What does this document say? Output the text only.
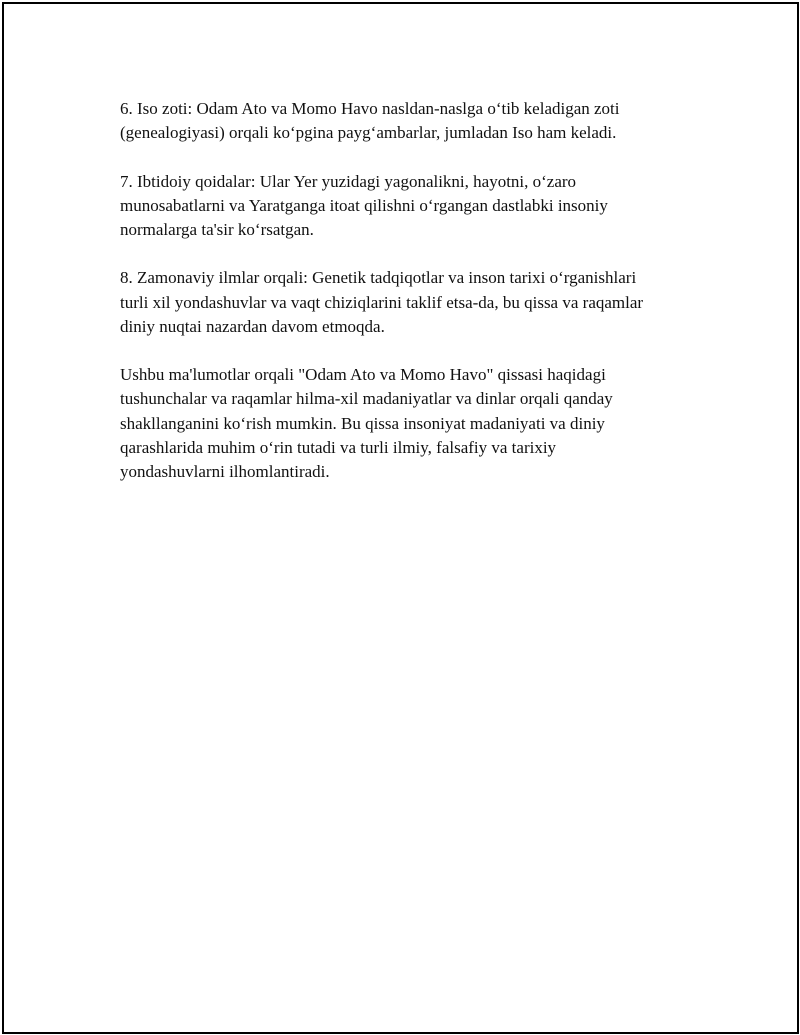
6. Iso zoti: Odam Ato va Momo Havo nasldan-naslga o‘tib keladigan zoti
(genealogiyasi) orqali ko‘pgina payg‘ambarlar, jumladan Iso ham keladi.

7. Ibtidoiy qoidalar: Ular Yer yuzidagi yagonalikni, hayotni, o‘zaro
munosabatlarni va Yaratganga itoat qilishni o‘rgangan dastlabki insoniy
normalarga ta'sir ko‘rsatgan.

8. Zamonaviy ilmlar orqali: Genetik tadqiqotlar va inson tarixi o‘rganishlari
turli xil yondashuvlar va vaqt chiziqlarini taklif etsa-da, bu qissa va raqamlar
diniy nuqtai nazardan davom etmoqda.

Ushbu ma'lumotlar orqali "Odam Ato va Momo Havo" qissasi haqidagi
tushunchalar va raqamlar hilma-xil madaniyatlar va dinlar orqali qanday
shakllanganini ko‘rish mumkin. Bu qissa insoniyat madaniyati va diniy
qarashlarida muhim o‘rin tutadi va turli ilmiy, falsafiy va tarixiy
yondashuvlarni ilhomlantiradi.
